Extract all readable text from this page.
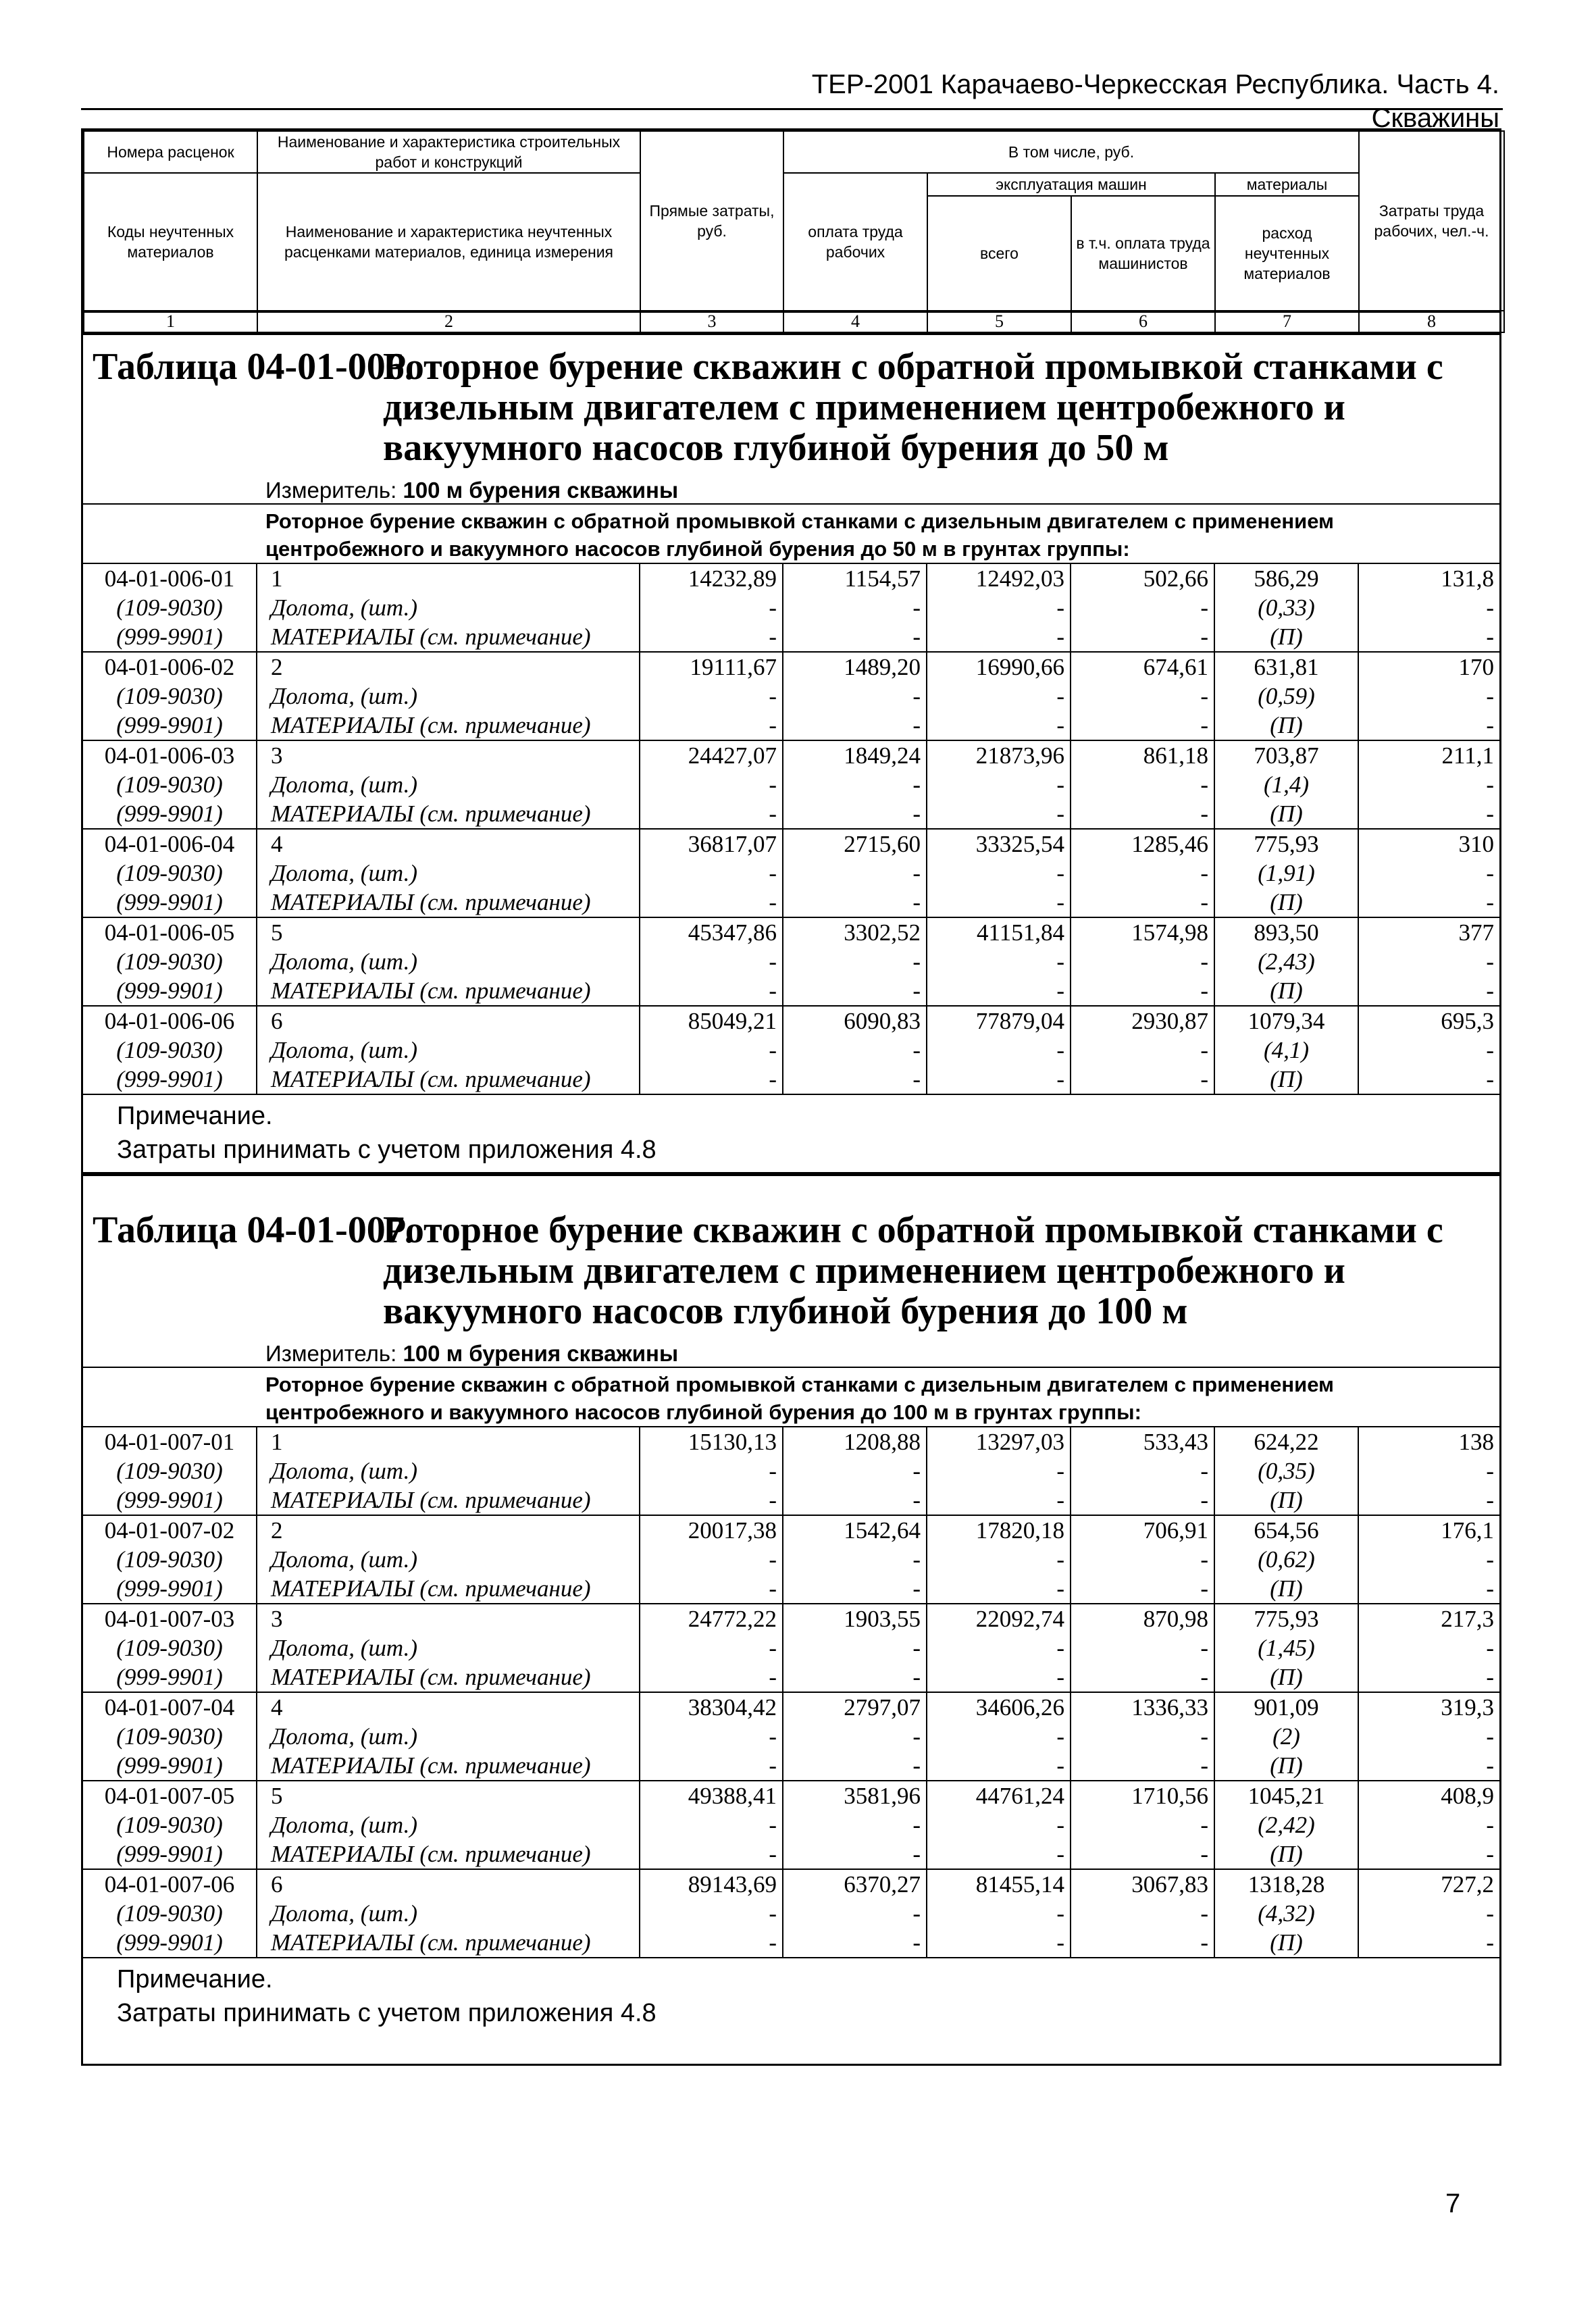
ТЕР-2001 Карачаево-Черкесская Республика. Часть 4. Скважины
Номера расценок	Наименование и характеристика строительных работ и конструкций	Прямые затраты, руб.	В том числе, руб.				Затраты труда рабочих, чел.-ч.
Коды неучтенных материалов	Наименование и характеристика неучтенных расценками материалов, единица измерения		оплата труда рабочих	эксплуатация машин		материалы	
				всего	в т.ч. оплата труда машинистов	расход неучтенных материалов	

1	2	3	4	5	6	7	8
Таблица 04-01-006.
Роторное бурение скважин с обратной промывкой станками с дизельным двигателем с применением центробежного и вакуумного насосов глубиной бурения до 50 м
Измеритель: 100 м бурения скважины
Роторное бурение скважин с обратной промывкой станками с дизельным двигателем с применением центробежного и вакуумного насосов глубиной бурения до 50 м в грунтах группы:
04-01-006-01	1	14232,89	1154,57	12492,03	502,66	586,29	131,8
(109-9030)	Долота, (шт.)	-	-	-	-	(0,33)	-
(999-9901)	МАТЕРИАЛЫ (см. примечание)	-	-	-	-	(П)	-
04-01-006-02	2	19111,67	1489,20	16990,66	674,61	631,81	170
(109-9030)	Долота, (шт.)	-	-	-	-	(0,59)	-
(999-9901)	МАТЕРИАЛЫ (см. примечание)	-	-	-	-	(П)	-
04-01-006-03	3	24427,07	1849,24	21873,96	861,18	703,87	211,1
(109-9030)	Долота, (шт.)	-	-	-	-	(1,4)	-
(999-9901)	МАТЕРИАЛЫ (см. примечание)	-	-	-	-	(П)	-
04-01-006-04	4	36817,07	2715,60	33325,54	1285,46	775,93	310
(109-9030)	Долота, (шт.)	-	-	-	-	(1,91)	-
(999-9901)	МАТЕРИАЛЫ (см. примечание)	-	-	-	-	(П)	-
04-01-006-05	5	45347,86	3302,52	41151,84	1574,98	893,50	377
(109-9030)	Долота, (шт.)	-	-	-	-	(2,43)	-
(999-9901)	МАТЕРИАЛЫ (см. примечание)	-	-	-	-	(П)	-
04-01-006-06	6	85049,21	6090,83	77879,04	2930,87	1079,34	695,3
(109-9030)	Долота, (шт.)	-	-	-	-	(4,1)	-
(999-9901)	МАТЕРИАЛЫ (см. примечание)	-	-	-	-	(П)	-
Примечание.
Затраты принимать с учетом приложения 4.8
Таблица 04-01-007.
Роторное бурение скважин с обратной промывкой станками с дизельным двигателем с применением центробежного и вакуумного насосов глубиной бурения до 100 м
Измеритель: 100 м бурения скважины
Роторное бурение скважин с обратной промывкой станками с дизельным двигателем с применением центробежного и вакуумного насосов глубиной бурения до 100 м в грунтах группы:
04-01-007-01	1	15130,13	1208,88	13297,03	533,43	624,22	138
(109-9030)	Долота, (шт.)	-	-	-	-	(0,35)	-
(999-9901)	МАТЕРИАЛЫ (см. примечание)	-	-	-	-	(П)	-
04-01-007-02	2	20017,38	1542,64	17820,18	706,91	654,56	176,1
(109-9030)	Долота, (шт.)	-	-	-	-	(0,62)	-
(999-9901)	МАТЕРИАЛЫ (см. примечание)	-	-	-	-	(П)	-
04-01-007-03	3	24772,22	1903,55	22092,74	870,98	775,93	217,3
(109-9030)	Долота, (шт.)	-	-	-	-	(1,45)	-
(999-9901)	МАТЕРИАЛЫ (см. примечание)	-	-	-	-	(П)	-
04-01-007-04	4	38304,42	2797,07	34606,26	1336,33	901,09	319,3
(109-9030)	Долота, (шт.)	-	-	-	-	(2)	-
(999-9901)	МАТЕРИАЛЫ (см. примечание)	-	-	-	-	(П)	-
04-01-007-05	5	49388,41	3581,96	44761,24	1710,56	1045,21	408,9
(109-9030)	Долота, (шт.)	-	-	-	-	(2,42)	-
(999-9901)	МАТЕРИАЛЫ (см. примечание)	-	-	-	-	(П)	-
04-01-007-06	6	89143,69	6370,27	81455,14	3067,83	1318,28	727,2
(109-9030)	Долота, (шт.)	-	-	-	-	(4,32)	-
(999-9901)	МАТЕРИАЛЫ (см. примечание)	-	-	-	-	(П)	-
Примечание.
Затраты принимать с учетом приложения 4.8
7
